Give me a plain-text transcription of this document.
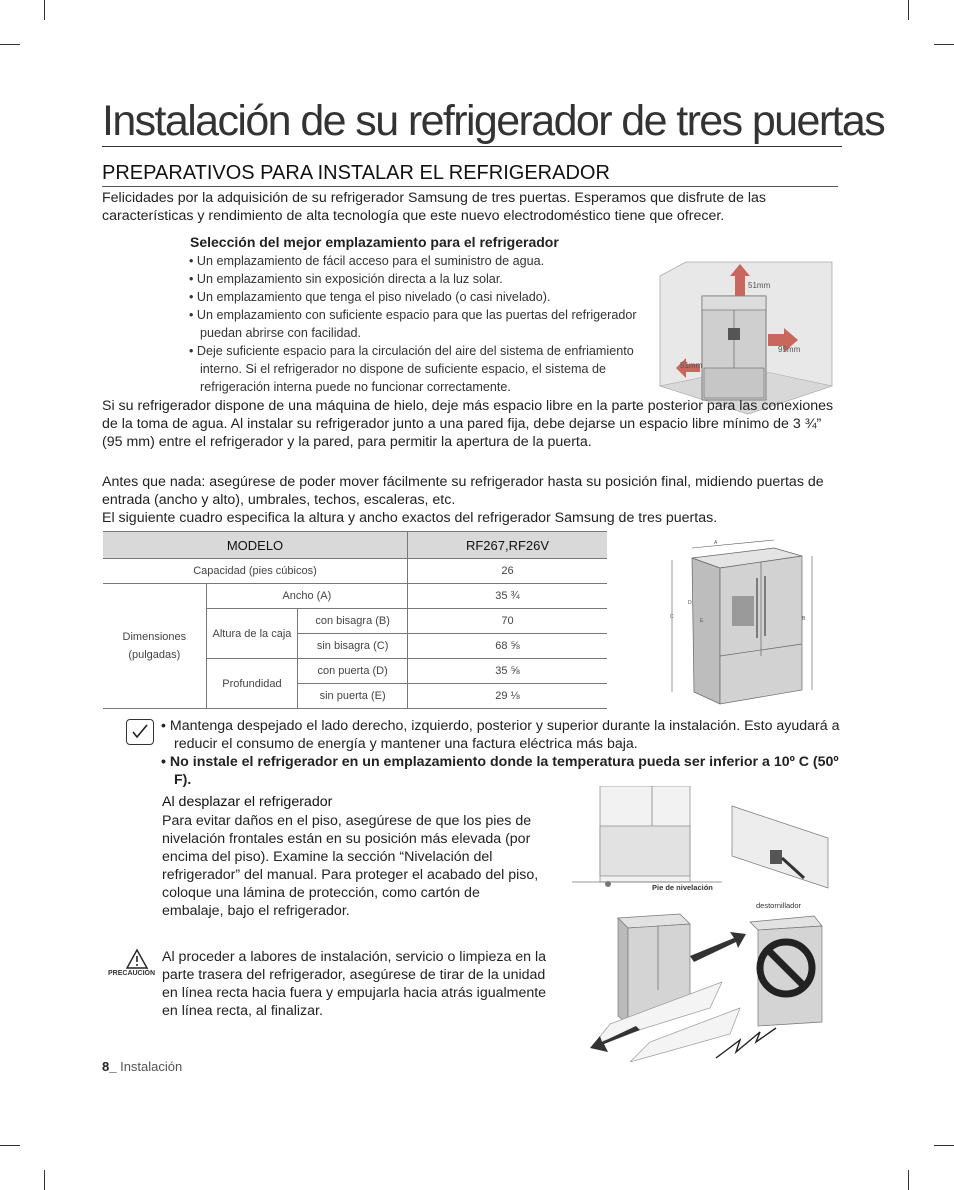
Instalación de su refrigerador de tres puertas
PREPARATIVOS PARA INSTALAR EL REFRIGERADOR
Felicidades por la adquisición de su refrigerador Samsung de tres puertas. Esperamos que disfrute de las características y rendimiento de alta tecnología que este nuevo electrodoméstico tiene que ofrecer.
Selección del mejor emplazamiento para el refrigerador
• Un emplazamiento de fácil acceso para el suministro de agua.
• Un emplazamiento sin exposición directa a la luz solar.
• Un emplazamiento que tenga el piso nivelado (o casi nivelado).
• Un emplazamiento con suficiente espacio para que las puertas del refrigerador puedan abrirse con facilidad.
• Deje suficiente espacio para la circulación del aire del sistema de enfriamiento interno. Si el refrigerador no dispone de suficiente espacio, el sistema de refrigeración interna puede no funcionar correctamente.
51mm
95mm
51mm
Si su refrigerador dispone de una máquina de hielo, deje más espacio libre en la parte posterior para las conexiones de la toma de agua. Al instalar su refrigerador junto a una pared fija, debe dejarse un espacio libre mínimo de 3 ¾” (95 mm) entre el refrigerador y la pared, para permitir la apertura de la puerta.
Antes que nada: asegúrese de poder mover fácilmente su refrigerador hasta su posición final, midiendo puertas de entrada (ancho y alto), umbrales, techos, escaleras, etc.
El siguiente cuadro especifica la altura y ancho exactos del refrigerador Samsung de tres puertas.
MODELO			RF267,RF26V
Capacidad (pies cúbicos)			26
Dimensiones (pulgadas)	Ancho (A)		35 ¾
	Altura de la caja	con bisagra (B)	70
		sin bisagra (C)	68 ⅝
	Profundidad	con puerta (D)	35 ⅝
		sin puerta (E)	29 ⅛
A
B
C
D
E
• Mantenga despejado el lado derecho, izquierdo, posterior y superior durante la instalación. Esto ayudará a reducir el consumo de energía y mantener una factura eléctrica más baja.
• No instale el refrigerador en un emplazamiento donde la temperatura pueda ser inferior a 10º C (50º F).
Al desplazar el refrigerador
Para evitar daños en el piso, asegúrese de que los pies de nivelación frontales están en su posición más elevada (por encima del piso). Examine la sección “Nivelación del refrigerador” del manual. Para proteger el acabado del piso, coloque una lámina de protección, como cartón de embalaje, bajo el refrigerador.
Pie de nivelación
destornillador
PRECAUCIÓN
Al proceder a labores de instalación, servicio o limpieza en la parte trasera del refrigerador, asegúrese de tirar de la unidad en línea recta hacia fuera y empujarla hacia atrás igualmente en línea recta, al finalizar.
8_ Instalación
